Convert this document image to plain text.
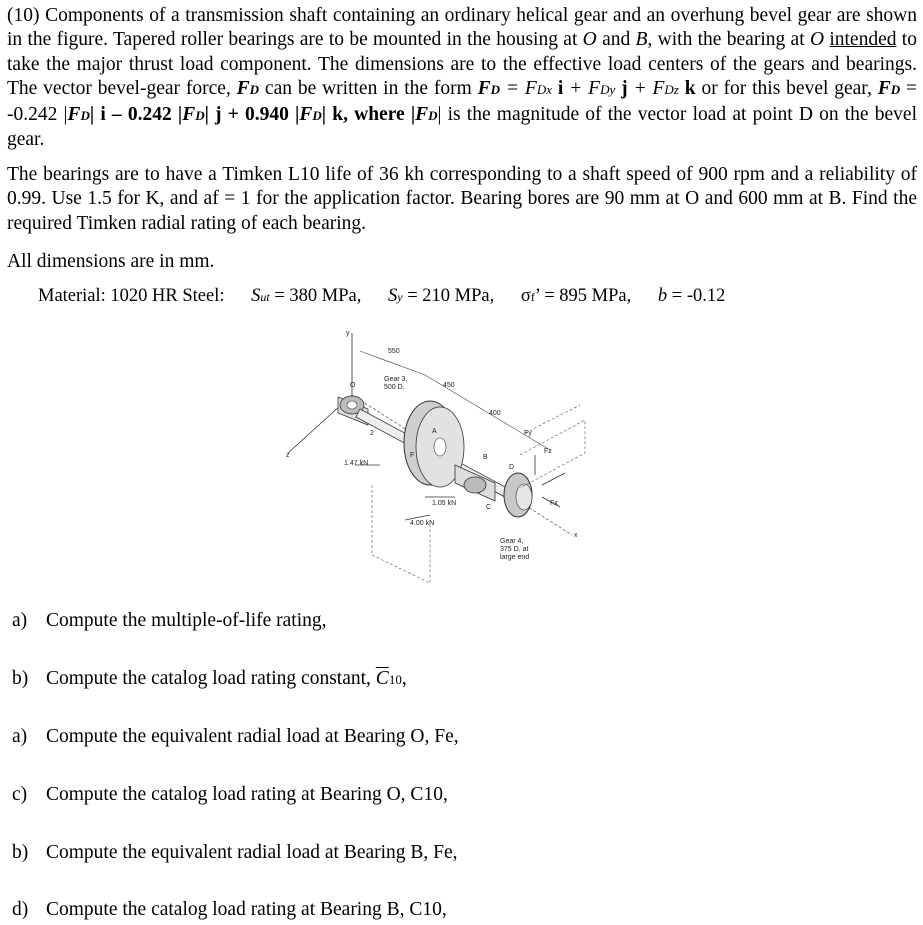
(10) Components of a transmission shaft containing an ordinary helical gear and an overhung bevel gear are shown in the figure. Tapered roller bearings are to be mounted in the housing at O and B, with the bearing at O intended to take the major thrust load component. The dimensions are to the effective load centers of the gears and bearings. The vector bevel-gear force, FD can be written in the form FD = FDx i + FDy j + FDz k or for this bevel gear, FD = -0.242 |FD| i – 0.242 |FD| j + 0.940 |FD| k, where |FD| is the magnitude of the vector load at point D on the bevel gear.
The bearings are to have a Timken L10 life of 36 kh corresponding to a shaft speed of 900 rpm and a reliability of 0.99. Use 1.5 for K, and af = 1 for the application factor. Bearing bores are 90 mm at O and 600 mm at B. Find the required Timken radial rating of each bearing.
All dimensions are in mm.
Material: 1020 HR Steel: Sut = 380 MPa, Sy = 210 MPa, σf’ = 895 MPa, b = -0.12
y
550
Gear 3,
500 D.	450
400
O
z
2	A
F	B
C
D
Fy
Fz
Fx
x
1.47 kN
1.05 kN
4.00 kN
Gear 4,
375 D. at
large end
a) Compute the multiple-of-life rating,
b) Compute the catalog load rating constant, $\overline{C}10$,
a) Compute the equivalent radial load at Bearing O, Fe,
c) Compute the catalog load rating at Bearing O, C10,
b) Compute the equivalent radial load at Bearing B, Fe,
d) Compute the catalog load rating at Bearing B, C10,
